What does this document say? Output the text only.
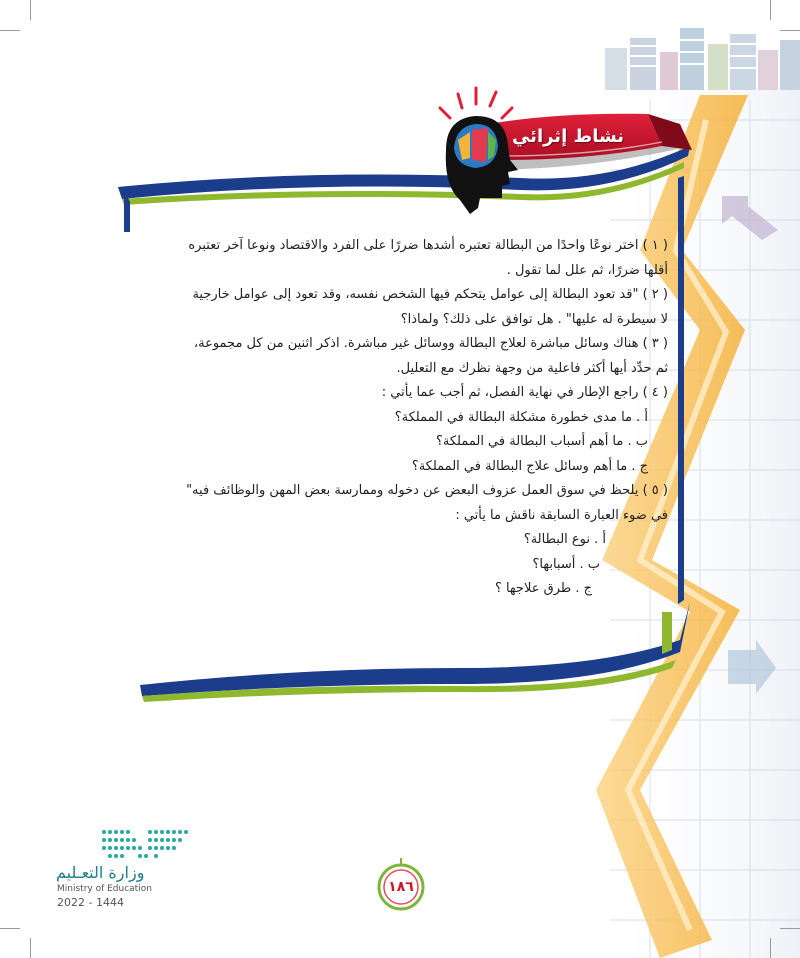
نشاط إثرائي

( ١ ) اختر نوعًا واحدًا من البطالة تعتبره أشدها ضررًا على الفرد والاقتصاد ونوعا آخر تعتبره

أقلها ضررًا، ثم علل لما تقول .

( ٢ ) "قد تعود البطالة إلى عوامل يتحكم فيها الشخص نفسه، وقد تعود إلى عوامل خارجية

لا سيطرة له عليها" . هل توافق على ذلك؟ ولماذا؟

( ٣ ) هناك وسائل مباشرة لعلاج البطالة ووسائل غير مباشرة. اذكر اثنين من كل مجموعة،

ثم حدِّد أيها أكثر فاعلية من وجهة نظرك مع التعليل.

( ٤ ) راجع الإطار في نهاية الفصل، ثم أجب عما يأتي :

أ . ما مدى خطورة مشكلة البطالة في المملكة؟

ب . ما أهم أسباب البطالة في المملكة؟

ج . ما أهم وسائل علاج البطالة في المملكة؟

( ٥ ) يلحظ في سوق العمل عزوف البعض عن دخوله وممارسة بعض المهن والوظائف فيه"

في ضوء العبارة السابقة ناقش ما يأتي :

أ . نوع البطالة؟

ب . أسبابها؟

ج . طرق علاجها ؟

وزارة التعـليم
Ministry of Education
2022 - 1444
١٨٦
